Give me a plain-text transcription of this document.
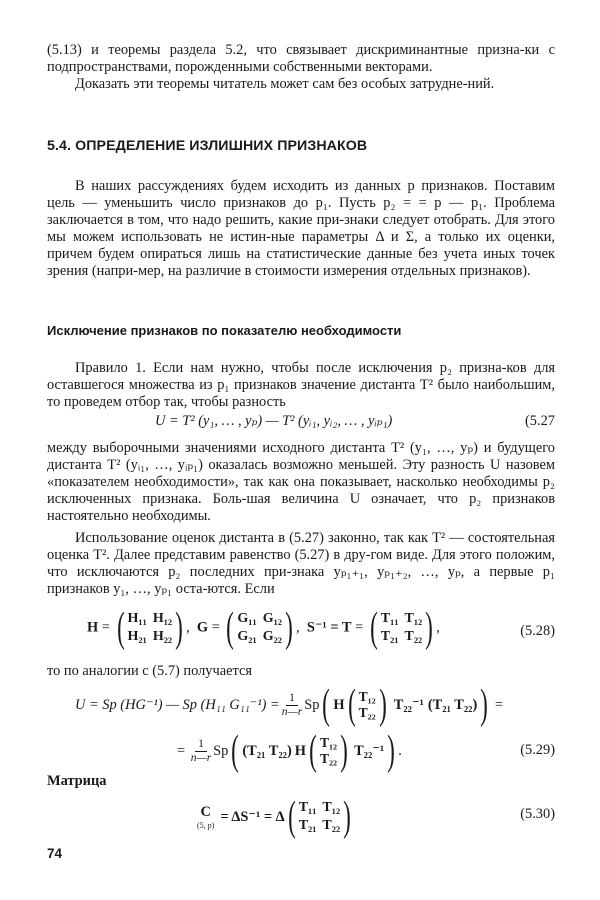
(5.13) и теоремы раздела 5.2, что связывает дискриминантные призна-ки с подпространствами, порожденными собственными векторами.

Доказать эти теоремы читатель может сам без особых затрудне-ний.

5.4. ОПРЕДЕЛЕНИЕ ИЗЛИШНИХ ПРИЗНАКОВ

В наших рассуждениях будем исходить из данных p признаков. Поставим цель — уменьшить число признаков до p₁. Пусть p₂ = = p — p₁. Проблема заключается в том, что надо решить, какие при-знаки следует отобрать. Для этого мы можем использовать не истин-ные параметры Δ и Σ, а только их оценки, причем будем опираться лишь на статистические данные без учета иных точек зрения (напри-мер, на различие в стоимости измерения отдельных признаков).

Исключение признаков по показателю необходимости

Правило 1. Если нам нужно, чтобы после исключения p₂ призна-ков для оставшегося множества из p₁ признаков значение дистанта T² было наибольшим, то проведем отбор так, чтобы разность

U = T² (y₁, … , yₚ) — T² (yᵢ₁, yᵢ₂, … , yᵢₚ₁)	(5.27

между выборочными значениями исходного дистанта T² (y₁, …, yₚ) и будущего дистанта T² (yᵢ₁, …, yᵢₚ₁) оказалась возможно меньшей. Эту разность U назовем «показателем необходимости», так как она показывает, насколько необходимы p₂ исключенных признака. Боль-шая величина U означает, что p₂ признаков настоятельно необходимы.

Использование оценок дистанта в (5.27) законно, так как T² — состоятельная оценка T². Далее представим равенство (5.27) в дру-гом виде. Для этого положим, что исключаются p₂ последних при-знака yₚ₁₊₁, yₚ₁₊₂, …, yₚ, а первые p₁ признаков y₁, …, yₚ₁ оста-ются. Если

H = ( H₁₁ H₁₂
H₂₁ H₂₂ ) ,  G = ( G₁₁ G₁₂
G₂₁ G₂₂ ) ,  S⁻¹ = T = ( T₁₁ T₁₂
T₂₁ T₂₂ ) ,	(5.28)

то по аналогии с (5.7) получается

U = Sp (HG⁻¹) — Sp (H₁₁ $G_{11}^{-1}) = \frac{1}{n—r}$ Sp ( H ( T₁₂
T₂₂ ) T₂₂⁻¹ (T₂₁ T₂₂) ) =
= $\frac{1}{n—r}$ Sp ( (T₂₁ T₂₂) H ( T₁₂
T₂₂ ) T₂₂⁻¹ ) .	(5.29)

Матрица

C
(5, p)
= ΔS⁻¹ = Δ ( T₁₁ T₁₂
T₂₁ T₂₂ )	(5.30)
74
